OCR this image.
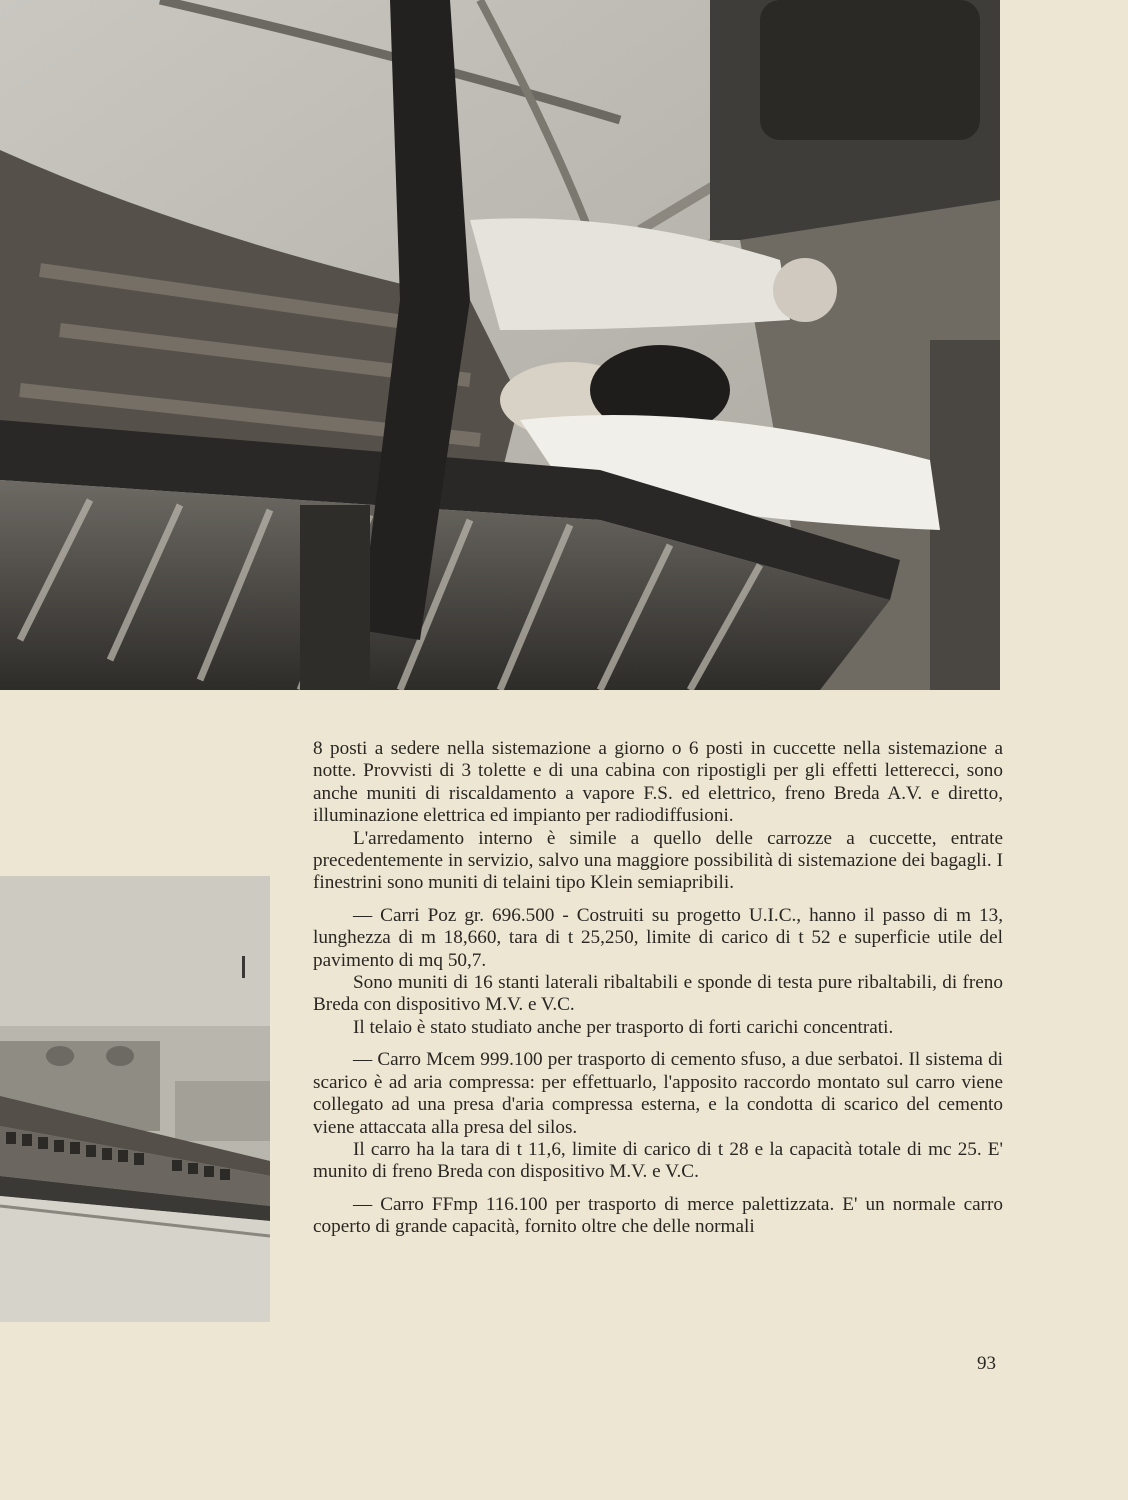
8 posti a sedere nella sistemazione a giorno o 6 posti in cuccette nella sistemazione a notte. Provvisti di 3 tolette e di una cabina con ripostigli per gli effetti letterecci, sono anche muniti di riscaldamento a vapore F.S. ed elettrico, freno Breda A.V. e diretto, illuminazione elettrica ed impianto per radiodiffusioni.

L'arredamento interno è simile a quello delle carrozze a cuccette, entrate precedentemente in servizio, salvo una maggiore possibilità di sistemazione dei bagagli. I finestrini sono muniti di telaini tipo Klein semiapribili.

— Carri Poz gr. 696.500 - Costruiti su progetto U.I.C., hanno il passo di m 13, lunghezza di m 18,660, tara di t 25,250, limite di carico di t 52 e superficie utile del pavimento di mq 50,7.

Sono muniti di 16 stanti laterali ribaltabili e sponde di testa pure ribaltabili, di freno Breda con dispositivo M.V. e V.C.

Il telaio è stato studiato anche per trasporto di forti carichi concentrati.

— Carro Mcem 999.100 per trasporto di cemento sfuso, a due serbatoi. Il sistema di scarico è ad aria compressa: per effettuarlo, l'apposito raccordo montato sul carro viene collegato ad una presa d'aria compressa esterna, e la condotta di scarico del cemento viene attaccata alla presa del silos.

Il carro ha la tara di t 11,6, limite di carico di t 28 e la capacità totale di mc 25. E' munito di freno Breda con dispositivo M.V. e V.C.

— Carro FFmp 116.100 per trasporto di merce palettizzata. E' un normale carro coperto di grande capacità, fornito oltre che delle normali

93
